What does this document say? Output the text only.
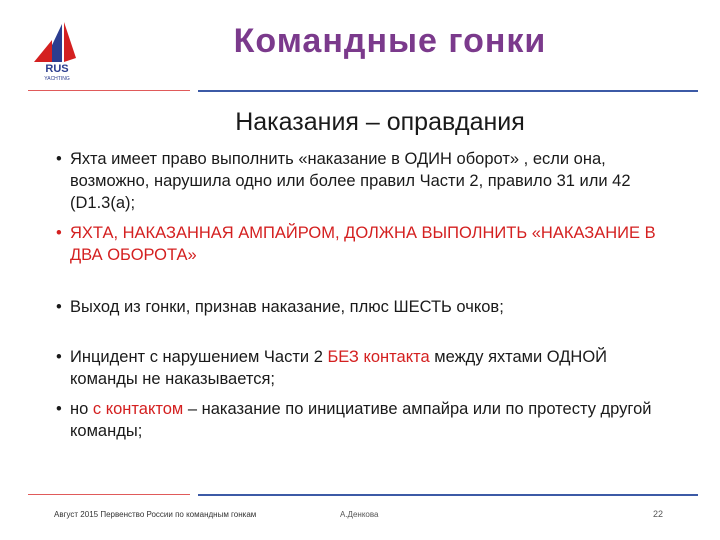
RUS
YACHTING
Командные гонки
Наказания – оправдания
• Яхта имеет право выполнить «наказание в ОДИН оборот» , если она, возможно, нарушила одно или более правил Части 2, правило 31 или 42 (D1.3(a);
• ЯХТА, НАКАЗАННАЯ АМПАЙРОМ, ДОЛЖНА ВЫПОЛНИТЬ «НАКАЗАНИЕ В ДВА ОБОРОТА»
• Выход из гонки, признав наказание, плюс ШЕСТЬ очков;
• Инцидент с нарушением Части 2 БЕЗ контакта между яхтами ОДНОЙ команды не наказывается;
• но с контактом – наказание по инициативе ампайра или по протесту другой команды;
Август 2015 Первенство России по командным гонкам	А.Денкова	22
